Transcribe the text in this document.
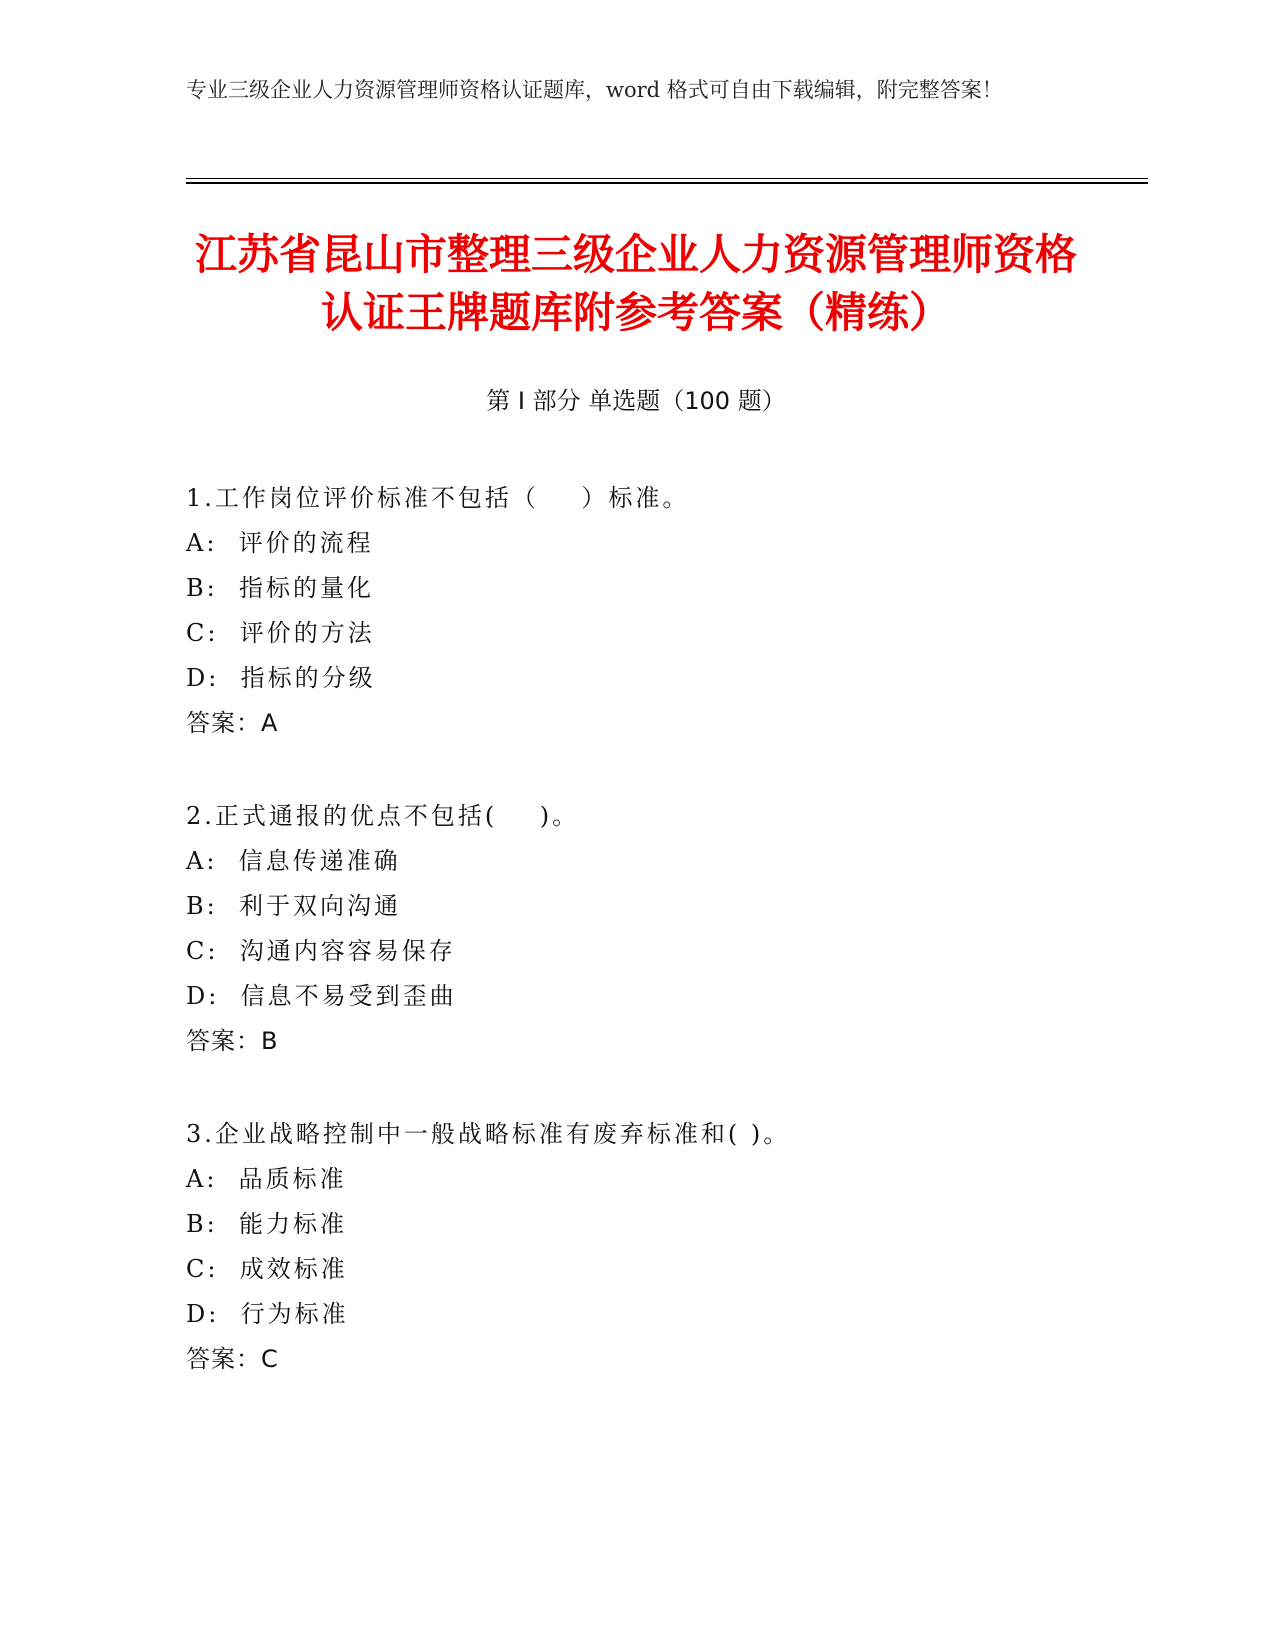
专业三级企业人力资源管理师资格认证题库，word 格式可自由下载编辑，附完整答案！
江苏省昆山市整理三级企业人力资源管理师资格认证王牌题库附参考答案（精练）
第 I 部分 单选题（100 题）
1.工作岗位评价标准不包括（    ）标准。
A:  评价的流程
B:  指标的量化
C:  评价的方法
D:  指标的分级
答案：A
2.正式通报的优点不包括(    )。
A:  信息传递准确
B:  利于双向沟通
C:  沟通内容容易保存
D:  信息不易受到歪曲
答案：B
3.企业战略控制中一般战略标准有废弃标准和( )。
A:  品质标准
B:  能力标准
C:  成效标准
D:  行为标准
答案：C
